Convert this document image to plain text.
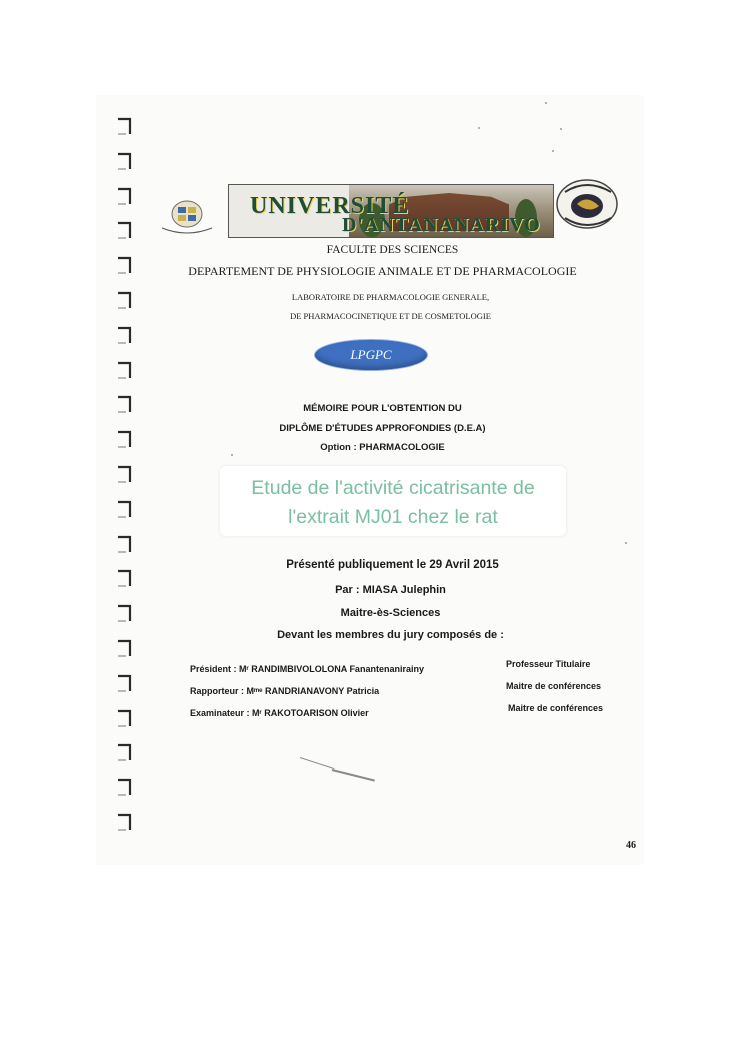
UNIVERSITÉ
D'ANTANANARIVO
FACULTE DES SCIENCES
DEPARTEMENT DE PHYSIOLOGIE ANIMALE ET DE PHARMACOLOGIE
LABORATOIRE DE PHARMACOLOGIE GENERALE,
DE PHARMACOCINETIQUE ET DE COSMETOLOGIE
LPGPC
MÉMOIRE POUR L'OBTENTION DU
DIPLÔME D'ÉTUDES APPROFONDIES (D.E.A)
Option : PHARMACOLOGIE
Etude de l'activité cicatrisante de
l'extrait MJ01 chez le rat
Présenté publiquement le 29 Avril 2015
Par : MIASA Julephin
Maitre-ès-Sciences
Devant les membres du jury composés de :
Président : Mʳ RANDIMBIVOLOLONA Fanantenanirainy	Professeur Titulaire
Rapporteur : Mᵐᵉ RANDRIANAVONY Patricia	Maitre de conférences
Examinateur : Mʳ RAKOTOARISON Olivier	Maitre de conférences
46
